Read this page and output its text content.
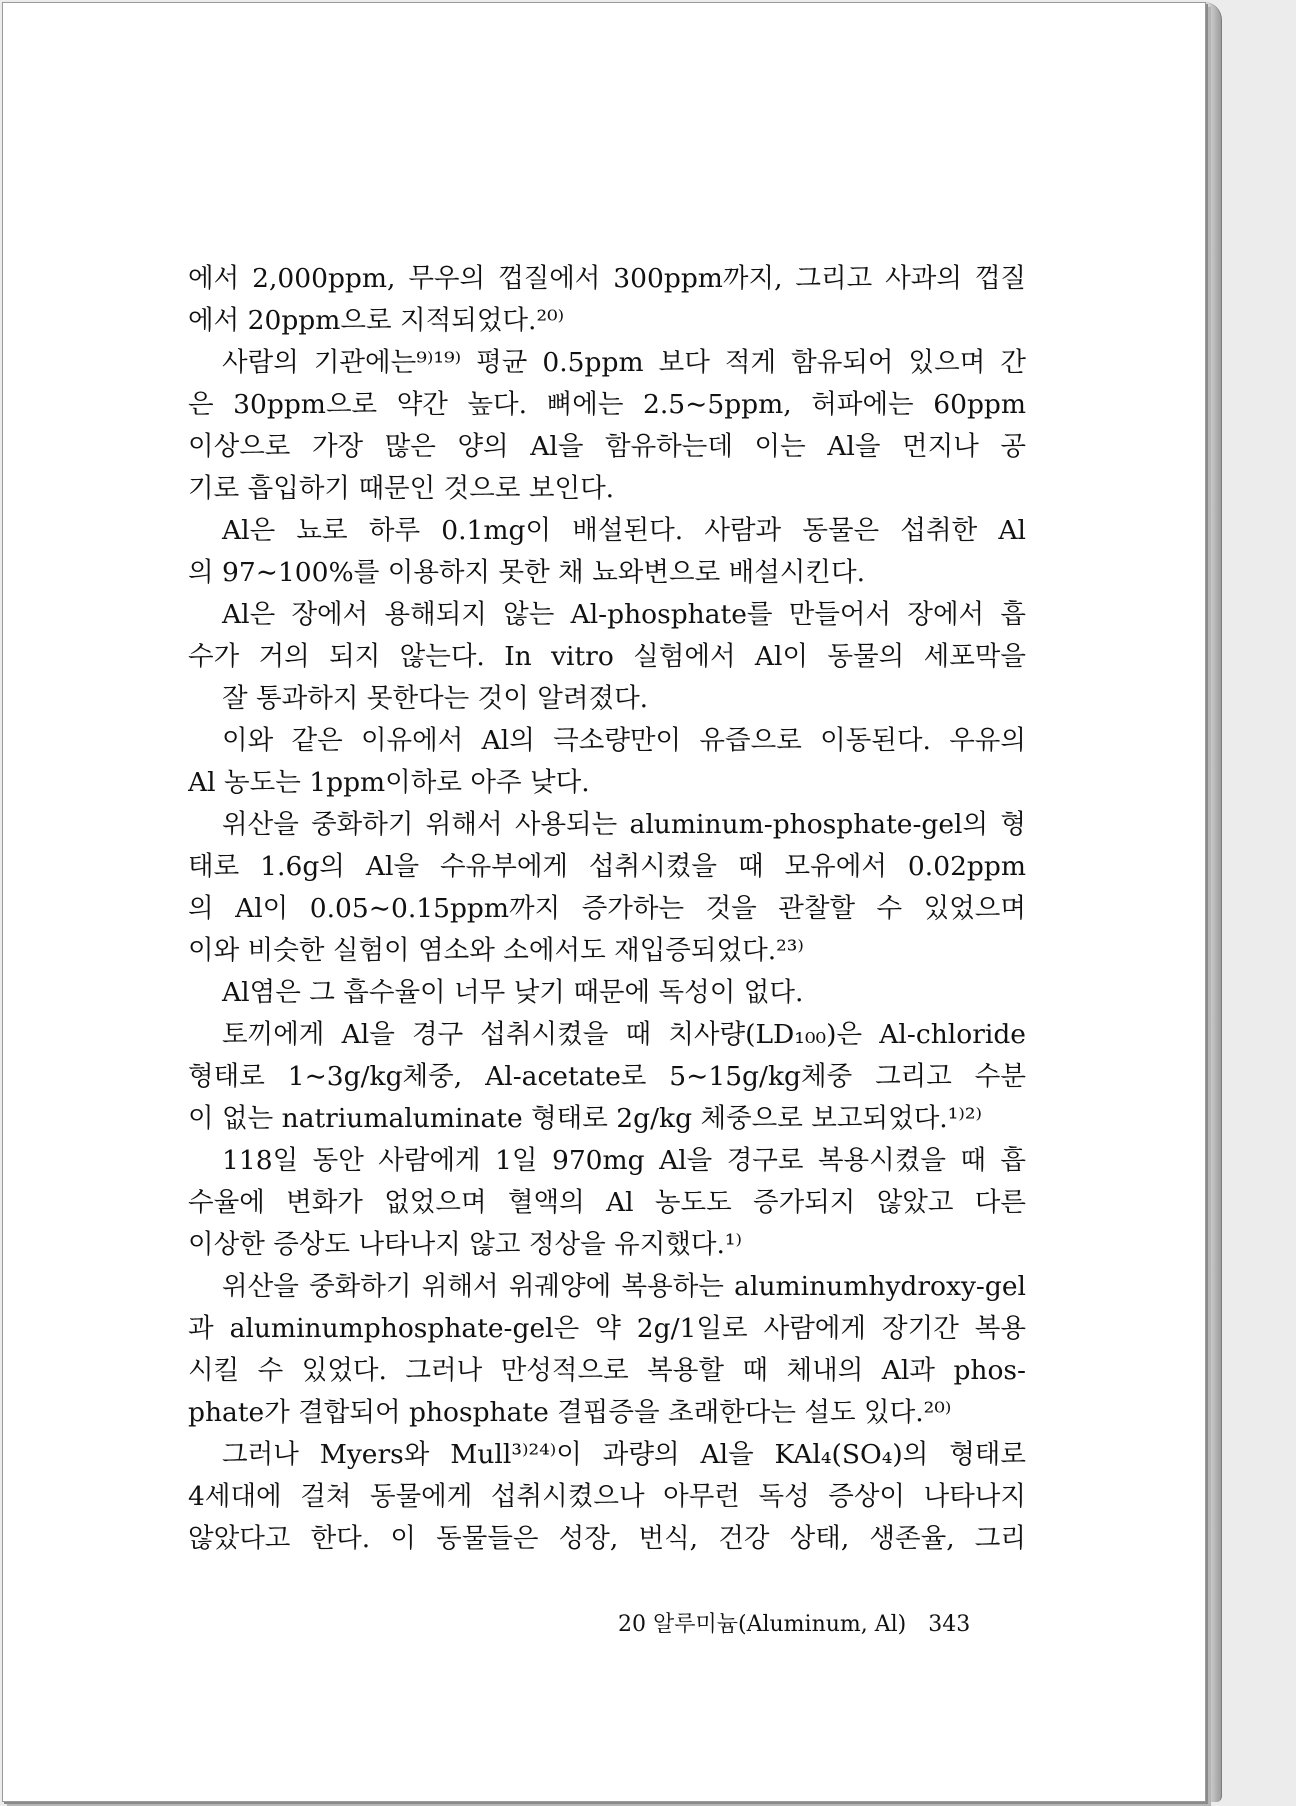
에서 2,000ppm, 무우의 껍질에서 300ppm까지, 그리고 사과의 껍질
에서 20ppm으로 지적되었다.²⁰⁾
사람의 기관에는⁹⁾¹⁹⁾ 평균 0.5ppm 보다 적게 함유되어 있으며 간
은 30ppm으로 약간 높다. 뼈에는 2.5∼5ppm, 허파에는 60ppm
이상으로 가장 많은 양의 Al을 함유하는데 이는 Al을 먼지나 공
기로 흡입하기 때문인 것으로 보인다.
Al은 뇨로 하루 0.1mg이 배설된다. 사람과 동물은 섭취한 Al
의 97∼100%를 이용하지 못한 채 뇨와변으로 배설시킨다.
Al은 장에서 용해되지 않는 Al-phosphate를 만들어서 장에서 흡
수가 거의 되지 않는다. In vitro 실험에서 Al이 동물의 세포막을
잘 통과하지 못한다는 것이 알려졌다.
이와 같은 이유에서 Al의 극소량만이 유즙으로 이동된다. 우유의
Al 농도는 1ppm이하로 아주 낮다.
위산을 중화하기 위해서 사용되는 aluminum-phosphate-gel의 형
태로 1.6g의 Al을 수유부에게 섭취시켰을 때 모유에서 0.02ppm
의 Al이 0.05∼0.15ppm까지 증가하는 것을 관찰할 수 있었으며
이와 비슷한 실험이 염소와 소에서도 재입증되었다.²³⁾
Al염은 그 흡수율이 너무 낮기 때문에 독성이 없다.
토끼에게 Al을 경구 섭취시켰을 때 치사량(LD₁₀₀)은 Al-chloride
형태로 1∼3g/kg체중, Al-acetate로 5∼15g/kg체중 그리고 수분
이 없는 natriumaluminate 형태로 2g/kg 체중으로 보고되었다.¹⁾²⁾
118일 동안 사람에게 1일 970mg Al을 경구로 복용시켰을 때 흡
수율에 변화가 없었으며 혈액의 Al 농도도 증가되지 않았고 다른
이상한 증상도 나타나지 않고 정상을 유지했다.¹⁾
위산을 중화하기 위해서 위궤양에 복용하는 aluminumhydroxy-gel
과 aluminumphosphate-gel은 약 2g/1일로 사람에게 장기간 복용
시킬 수 있었다. 그러나 만성적으로 복용할 때 체내의 Al과 phos-
phate가 결합되어 phosphate 결핍증을 초래한다는 설도 있다.²⁰⁾
그러나 Myers와 Mull³⁾²⁴⁾이 과량의 Al을 KAl₄(SO₄)의 형태로
4세대에 걸쳐 동물에게 섭취시켰으나 아무런 독성 증상이 나타나지
않았다고 한다. 이 동물들은 성장, 번식, 건강 상태, 생존율, 그리
20 알루미늄(Aluminum, Al) 343
